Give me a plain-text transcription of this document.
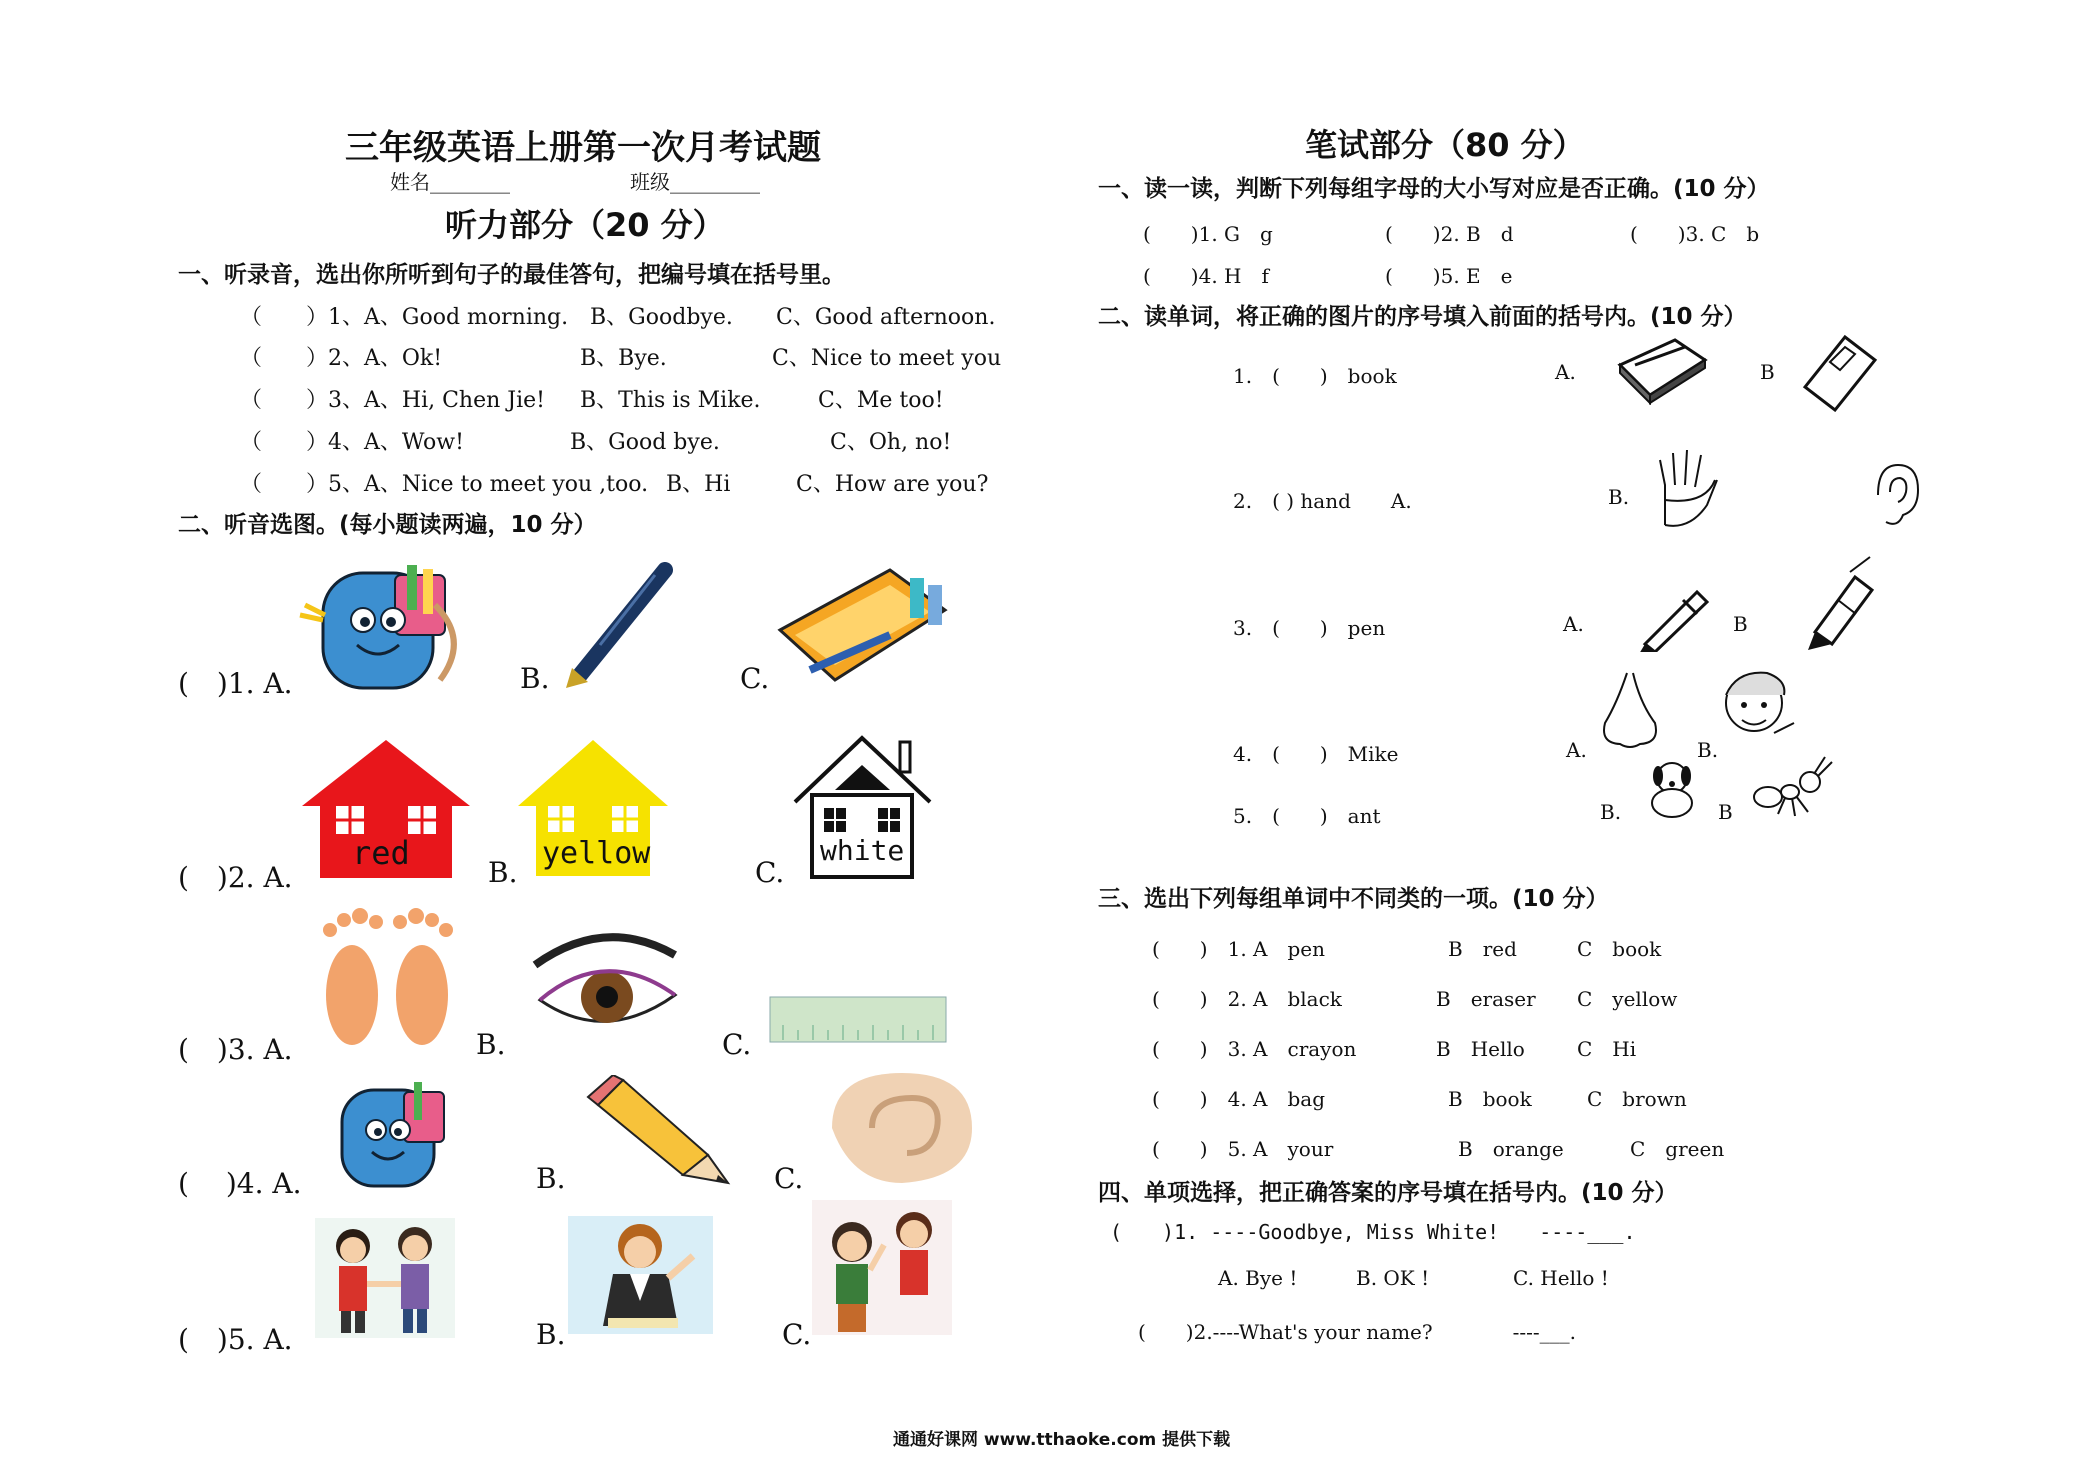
三年级英语上册第一次月考试题
姓名________	班级_________
听力部分（20 分）
一、听录音，选出你所听到句子的最佳答句，把编号填在括号里。
（　　）1、A、Good morning. B、Goodbye. C、Good afternoon.
（　　）2、A、Ok!	B、Bye.	C、Nice to meet you
（　　）3、A、Hi, Chen Jie! B、This is Mike.	C、Me too!
（　　）4、A、Wow!	B、Good bye.	C、Oh, no!
（　　）5、A、Nice to meet you ,too. B、Hi	C、How are you?
二、听音选图。(每小题读两遍，10 分）
(　)1. A.	B.	C.
(　)2. A.	B.	C.
red	yellow	white
(　)3. A.	B.	C.
(　 )4. A.	B.	C.
(　)5. A.	B.	C.
笔试部分（80 分）
一、读一读，判断下列每组字母的大小写对应是否正确。(10 分）
(　　)1. G　g	(　　)2. B　d	(　　)3. C　b
(　　)4. H　f	(　　)5. E　e
二、读单词，将正确的图片的序号填入前面的括号内。(10 分）
1.　(　　)　book	A.	B
2.　( ) hand　　A.	B.
3.　(　　)　pen	A.	B
4.　(　　)　Mike	A.	B.
5.　(　　)　ant	B.	B
三、选出下列每组单词中不同类的一项。(10 分）
(　　)　1. A　pen	B　red	C　book
(　　)　2. A　black	B　eraser C　yellow
(　　)　3. A　crayon	B　Hello	C　Hi
(　　)　4. A　bag	B　book	C　brown
(　　)　5. A　your	B　orange	C　green
四、单项选择，把正确答案的序号填在括号内。(10 分）
(　　)1. ----Goodbye, Miss White!　　----___.
A. Bye !	B. OK !	C. Hello !
(　　)2.----What's your name?　　　　----___.
通通好课网 www.tthaoke.com 提供下载
